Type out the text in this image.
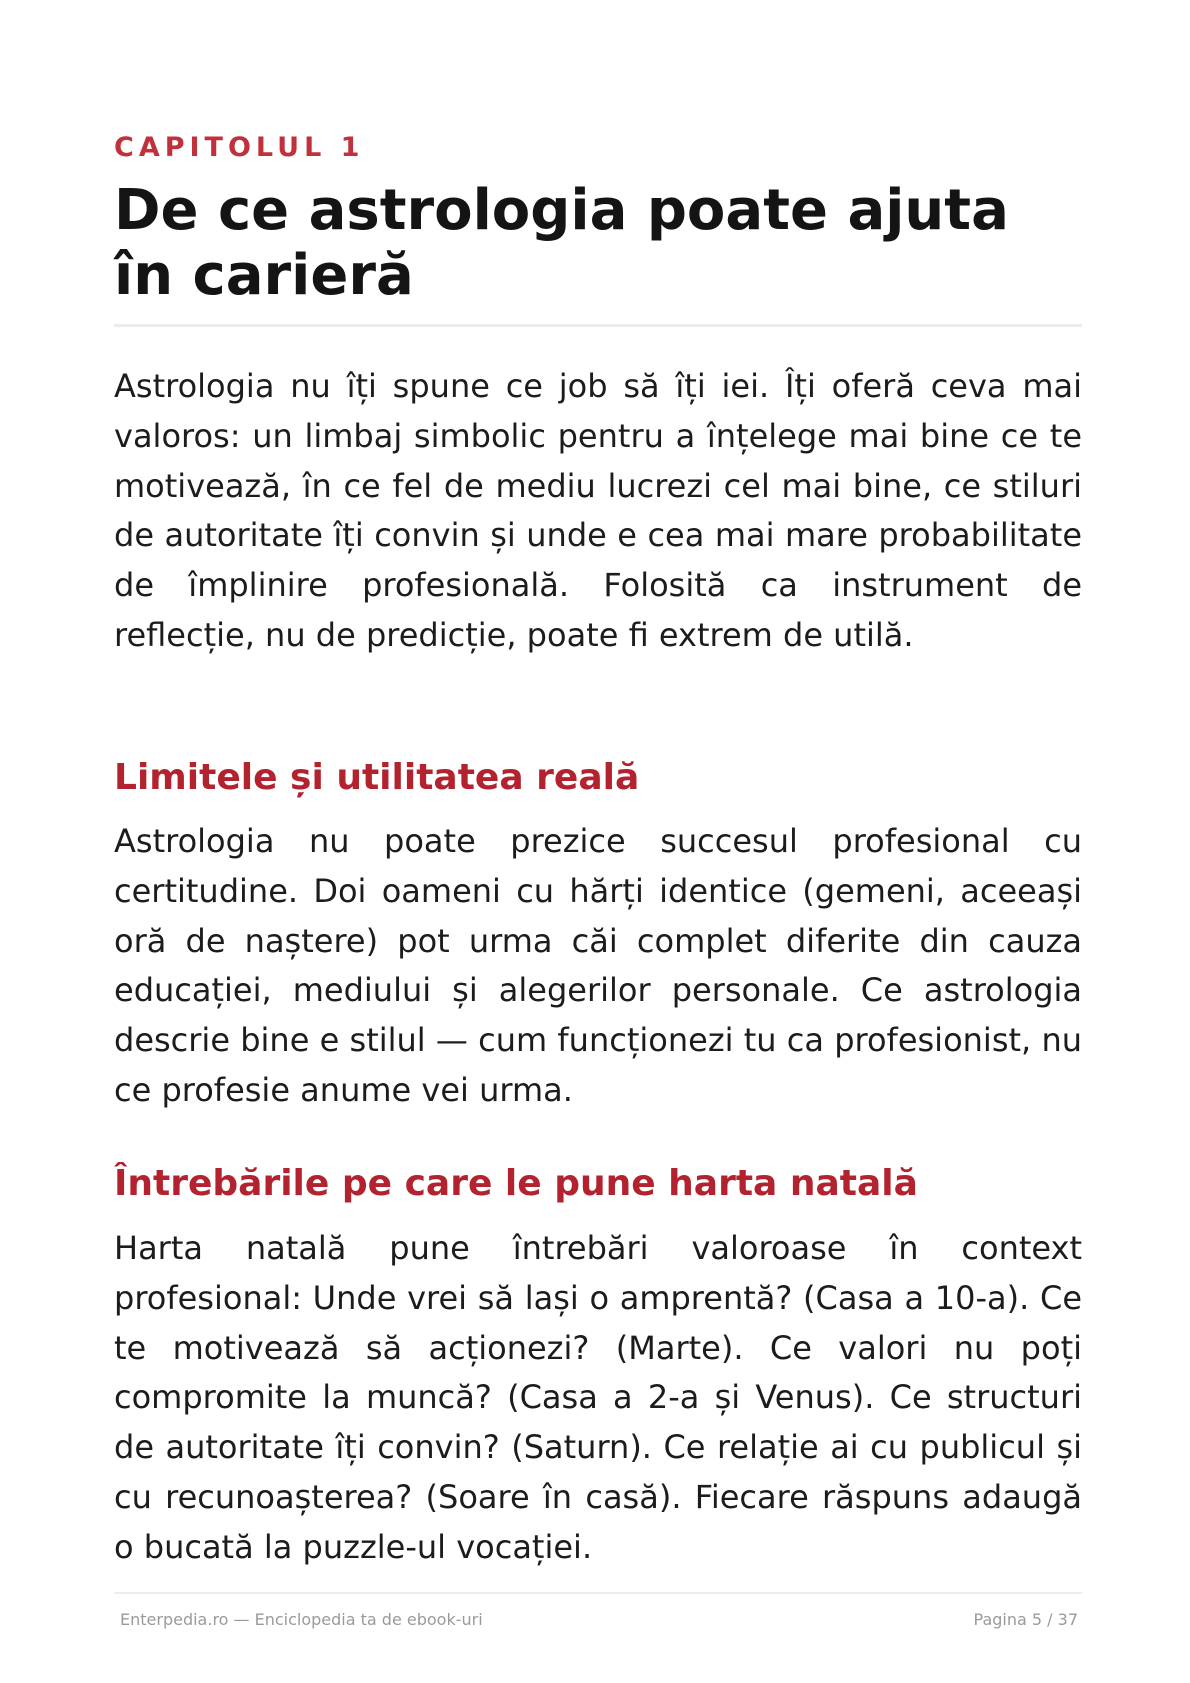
CAPITOLUL 1
De ce astrologia poate ajuta în carieră

Astrologia nu îți spune ce job să îți iei. Îți oferă ceva mai valoros: un limbaj simbolic pentru a înțelege mai bine ce te motivează, în ce fel de mediu lucrezi cel mai bine, ce stiluri de autoritate îți convin și unde e cea mai mare probabilitate de împlinire profesională. Folosită ca instrument de reflecție, nu de predicție, poate fi extrem de utilă.

Limitele și utilitatea reală

Astrologia nu poate prezice succesul profesional cu certitudine. Doi oameni cu hărți identice (gemeni, aceeași oră de naștere) pot urma căi complet diferite din cauza educației, mediului și alegerilor personale. Ce astrologia descrie bine e stilul — cum funcționezi tu ca profesionist, nu ce profesie anume vei urma.

Întrebările pe care le pune harta natală

Harta natală pune întrebări valoroase în context profesional: Unde vrei să lași o amprentă? (Casa a 10-a). Ce te motivează să acționezi? (Marte). Ce valori nu poți compromite la muncă? (Casa a 2-a și Venus). Ce structuri de autoritate îți convin? (Saturn). Ce relație ai cu publicul și cu recunoașterea? (Soare în casă). Fiecare răspuns adaugă o bucată la puzzle-ul vocației.

Enterpedia.ro — Enciclopedia ta de ebook-uri	Pagina 5 / 37
